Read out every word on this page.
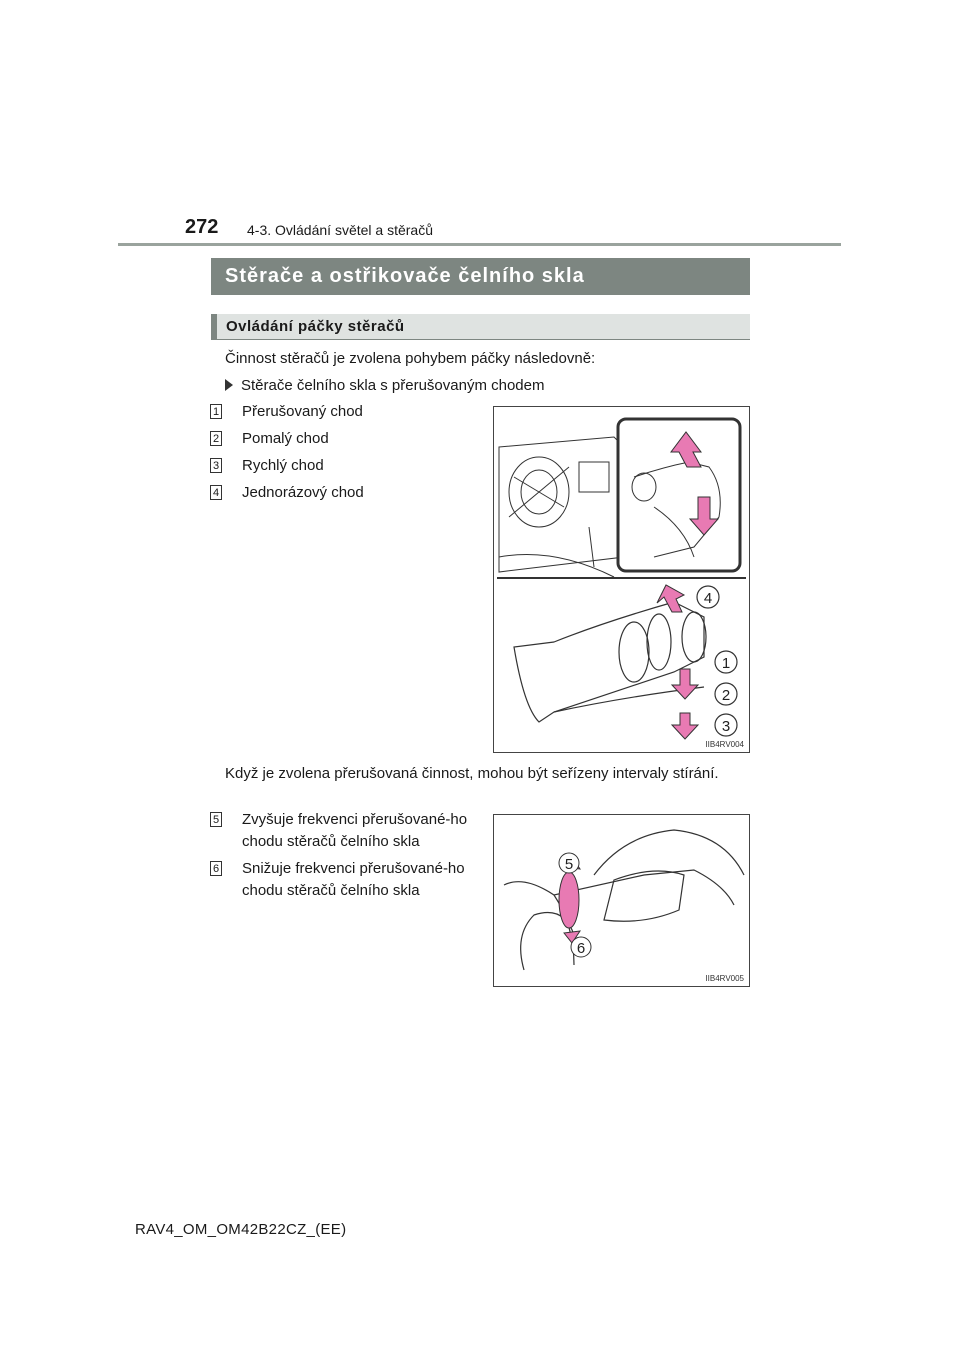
272 4-3. Ovládání světel a stěračů
Stěrače a ostřikovače čelního skla
Ovládání páčky stěračů
Činnost stěračů je zvolena pohybem páčky následovně:
Stěrače čelního skla s přerušovaným chodem
1 Přerušovaný chod
2 Pomalý chod
3 Rychlý chod
4 Jednorázový chod
4
1
2
3
IIB4RV004
Když je zvolena přerušovaná činnost, mohou být seřízeny intervaly stírání.
5 Zvyšuje frekvenci přerušované-ho chodu stěračů čelního skla
6 Snižuje frekvenci přerušované-ho chodu stěračů čelního skla
5
6
IIB4RV005
RAV4_OM_OM42B22CZ_(EE)
